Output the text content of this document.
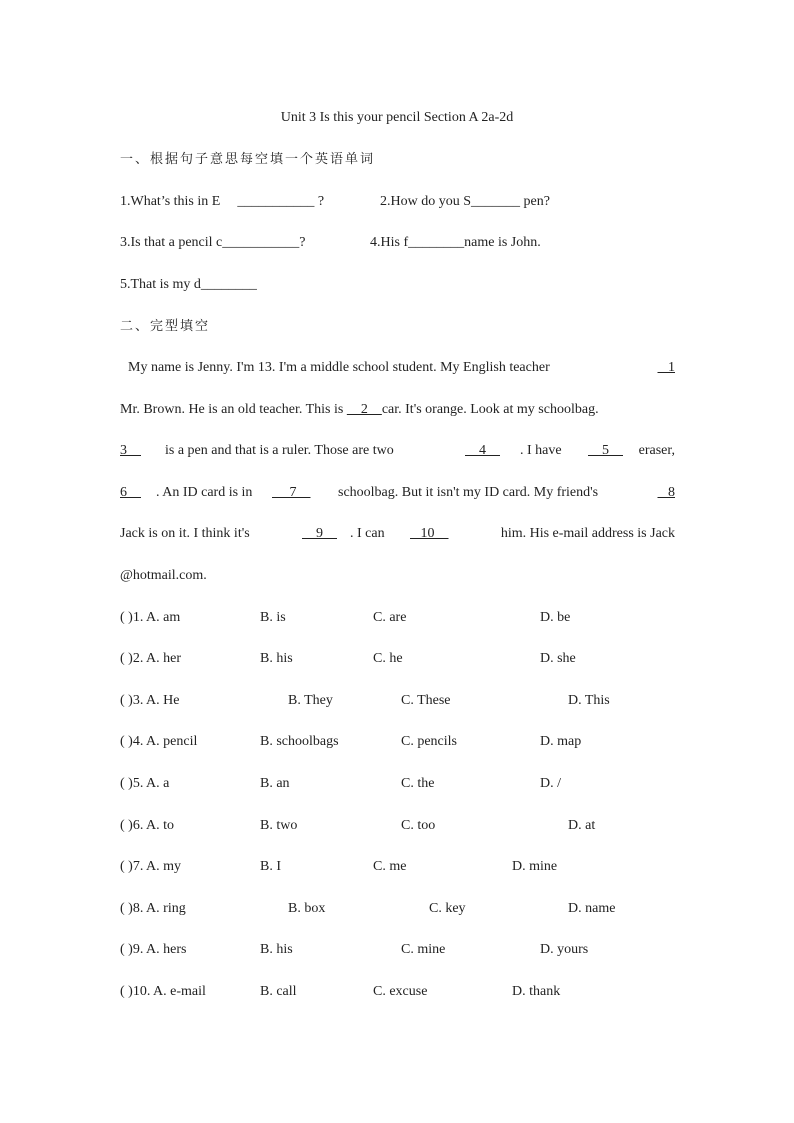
Unit 3 Is this your pencil Section A 2a-2d
一、根据句子意思每空填一个英语单词
1.What’s this in E ___________ ?	2.How do you S_______ pen?
3.Is that a pencil c___________?	4.His f________name is John.
5.That is my d________
二、完型填空
My name is Jenny. I'm 13. I'm a middle school student. My English teacher	1
Mr. Brown. He is an old teacher. This is     2    car. It's orange. Look at my schoolbag.
3 is a pen and that is a ruler. Those are two	4 . I have 5 eraser,
6 . An ID card is in 7 schoolbag. But it isn't my ID card. My friend's	8
Jack is on it. I think it's	9 . I can 10	him. His e-mail address is Jack
@hotmail.com.
( )1. A. am	B. is	C. are	D. be
( )2. A. her	B. his	C. he	D. she
( )3. A. He	B. They	C. These	D. This
( )4. A. pencil	B. schoolbags	C. pencils	D. map
( )5. A. a	B. an	C. the	D. /
( )6. A. to	B. two	C. too	D. at
( )7. A. my	B. I	C. me	D. mine
( )8. A. ring	B. box	C. key	D. name
( )9. A. hers	B. his	C. mine	D. yours
( )10. A. e-mail	B. call	C. excuse	D. thank
